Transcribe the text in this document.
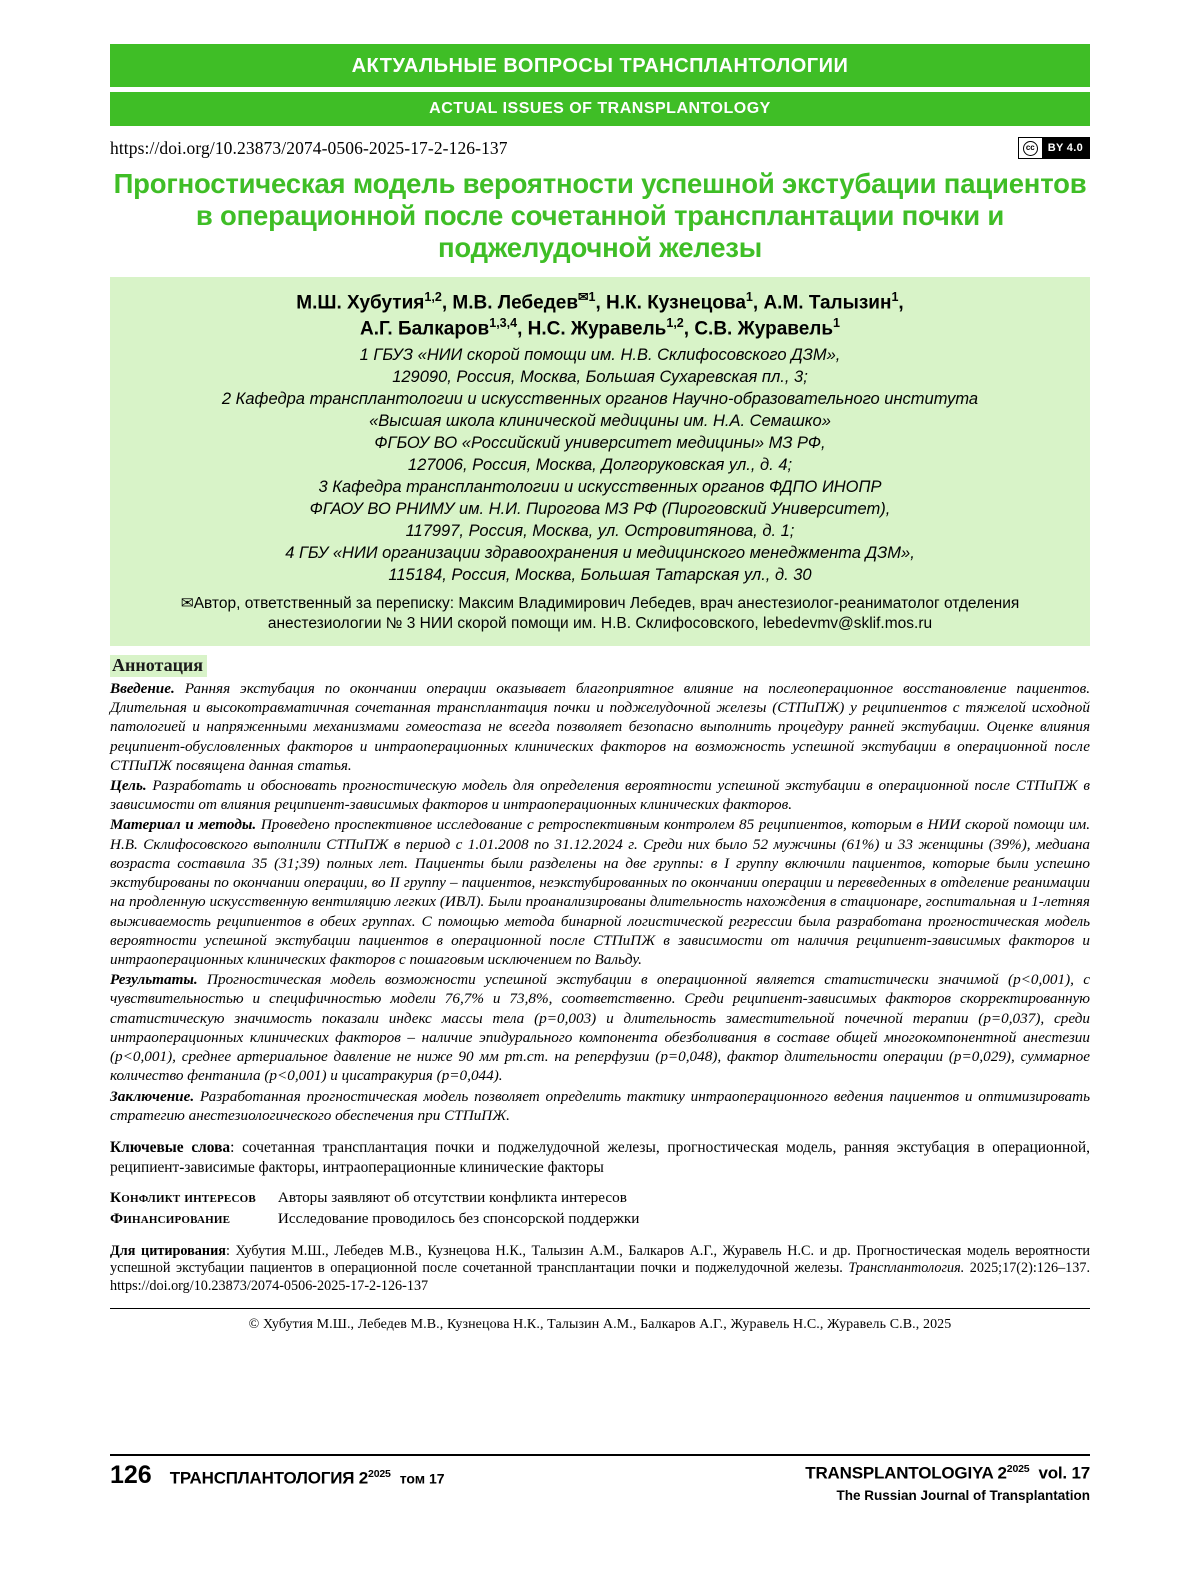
АКТУАЛЬНЫЕ ВОПРОСЫ ТРАНСПЛАНТОЛОГИИ
ACTUAL ISSUES OF TRANSPLANTOLOGY
https://doi.org/10.23873/2074-0506-2025-17-2-126-137	cc	BY 4.0
Прогностическая модель вероятности успешной экстубации пациентов в операционной после сочетанной трансплантации почки и поджелудочной железы
М.Ш. Хубутия$^{1,2}$, М.В. Лебедев$^{✉1}$, Н.К. Кузнецова$^1$, А.М. Талызин$^1$,
А.Г. Балкаров$^{1,3,4}$, Н.С. Журавель$^{1,2}$, С.В. Журавель$^1$
1 ГБУЗ «НИИ скорой помощи им. Н.В. Склифосовского ДЗМ»,
129090, Россия, Москва, Большая Сухаревская пл., 3;
2 Кафедра трансплантологии и искусственных органов Научно-образовательного института
«Высшая школа клинической медицины им. Н.А. Семашко»
ФГБОУ ВО «Российский университет медицины» МЗ РФ,
127006, Россия, Москва, Долгоруковская ул., д. 4;
3 Кафедра трансплантологии и искусственных органов ФДПО ИНОПР
ФГАОУ ВО РНИМУ им. Н.И. Пирогова МЗ РФ (Пироговский Университет),
117997, Россия, Москва, ул. Островитянова, д. 1;
4 ГБУ «НИИ организации здравоохранения и медицинского менеджмента ДЗМ»,
115184, Россия, Москва, Большая Татарская ул., д. 30
✉Автор, ответственный за переписку: Максим Владимирович Лебедев, врач анестезиолог-реаниматолог отделения анестезиологии № 3 НИИ скорой помощи им. Н.В. Склифосовского, lebedevmv@sklif.mos.ru
Аннотация

Введение. Ранняя экстубация по окончании операции оказывает благоприятное влияние на послеоперационное восстановление пациентов. Длительная и высокотравматичная сочетанная трансплантация почки и поджелудочной железы (СТПиПЖ) у реципиентов с тяжелой исходной патологией и напряженными механизмами гомеостаза не всегда позволяет безопасно выполнить процедуру ранней экстубации. Оценке влияния реципиент-обусловленных факторов и интраоперационных клинических факторов на возможность успешной экстубации в операционной после СТПиПЖ посвящена данная статья.

Цель. Разработать и обосновать прогностическую модель для определения вероятности успешной экстубации в операционной после СТПиПЖ в зависимости от влияния реципиент-зависимых факторов и интраоперационных клинических факторов.

Материал и методы. Проведено проспективное исследование с ретроспективным контролем 85 реципиентов, которым в НИИ скорой помощи им. Н.В. Склифосовского выполнили СТПиПЖ в период с 1.01.2008 по 31.12.2024 г. Среди них было 52 мужчины (61%) и 33 женщины (39%), медиана возраста составила 35 (31;39) полных лет. Пациенты были разделены на две группы: в I группу включили пациентов, которые были успешно экстубированы по окончании операции, во II группу – пациентов, неэкстубированных по окончании операции и переведенных в отделение реанимации на продленную искусственную вентиляцию легких (ИВЛ). Были проанализированы длительность нахождения в стационаре, госпитальная и 1-летняя выживаемость реципиентов в обеих группах. С помощью метода бинарной логистической регрессии была разработана прогностическая модель вероятности успешной экстубации пациентов в операционной после СТПиПЖ в зависимости от наличия реципиент-зависимых факторов и интраоперационных клинических факторов с пошаговым исключением по Вальду.

Результаты. Прогностическая модель возможности успешной экстубации в операционной является статистически значимой (р<0,001), с чувствительностью и специфичностью модели 76,7% и 73,8%, соответственно. Среди реципиент-зависимых факторов скорректированную статистическую значимость показали индекс массы тела (р=0,003) и длительность заместительной почечной терапии (р=0,037), среди интраоперационных клинических факторов – наличие эпидурального компонента обезболивания в составе общей многокомпонентной анестезии (р<0,001), среднее артериальное давление не ниже 90 мм рт.ст. на реперфузии (р=0,048), фактор длительности операции (р=0,029), суммарное количество фентанила (р<0,001) и цисатракурия (р=0,044).

Заключение. Разработанная прогностическая модель позволяет определить тактику интраоперационного ведения пациентов и оптимизировать стратегию анестезиологического обеспечения при СТПиПЖ.

Ключевые слова: сочетанная трансплантация почки и поджелудочной железы, прогностическая модель, ранняя экстубация в операционной, реципиент-зависимые факторы, интраоперационные клинические факторы
Конфликт интересов	Авторы заявляют об отсутствии конфликта интересов
Финансирование	Исследование проводилось без спонсорской поддержки
Для цитирования: Хубутия М.Ш., Лебедев М.В., Кузнецова Н.К., Талызин А.М., Балкаров А.Г., Журавель Н.С. и др. Прогностическая модель вероятности успешной экстубации пациентов в операционной после сочетанной трансплантации почки и поджелудочной железы. Трансплантология. 2025;17(2):126–137. https://doi.org/10.23873/2074-0506-2025-17-2-126-137
© Хубутия М.Ш., Лебедев М.В., Кузнецова Н.К., Талызин А.М., Балкаров А.Г., Журавель Н.С., Журавель С.В., 2025
126 ТРАНСПЛАНТОЛОГИЯ $2^{2025}$ том 17	TRANSPLANTOLOGIYA $2^{2025}$ vol. 17
The Russian Journal of Transplantation
